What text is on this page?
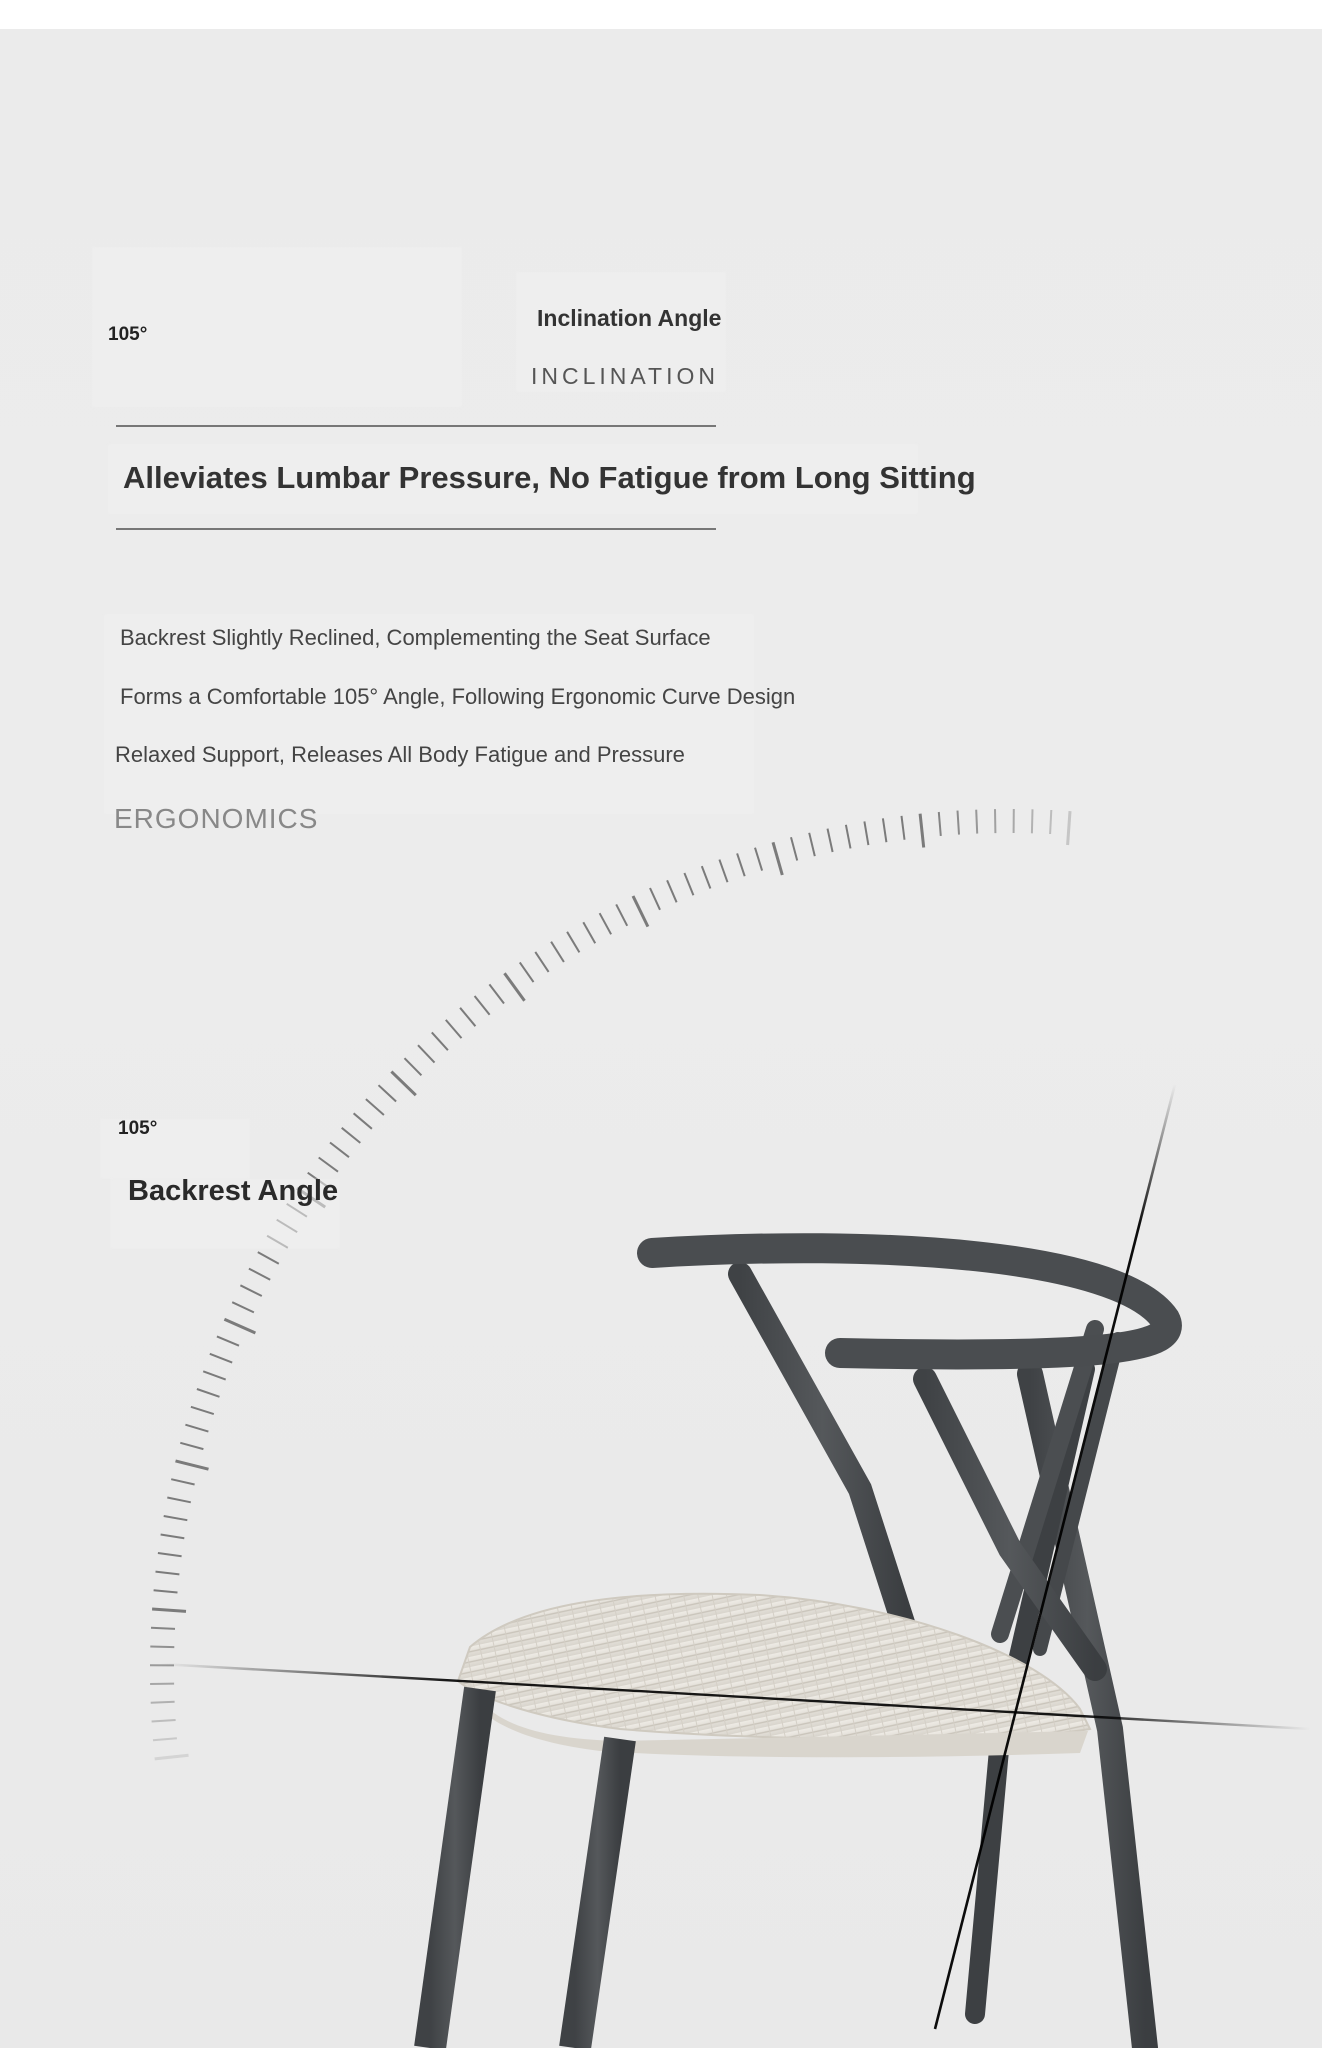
105°

Inclination Angle

INCLINATION

Alleviates Lumbar Pressure, No Fatigue from Long Sitting

Backrest Slightly Reclined, Complementing the Seat Surface

Forms a Comfortable 105° Angle, Following Ergonomic Curve Design

Relaxed Support, Releases All Body Fatigue and Pressure

ERGONOMICS

105°

Backrest Angle
